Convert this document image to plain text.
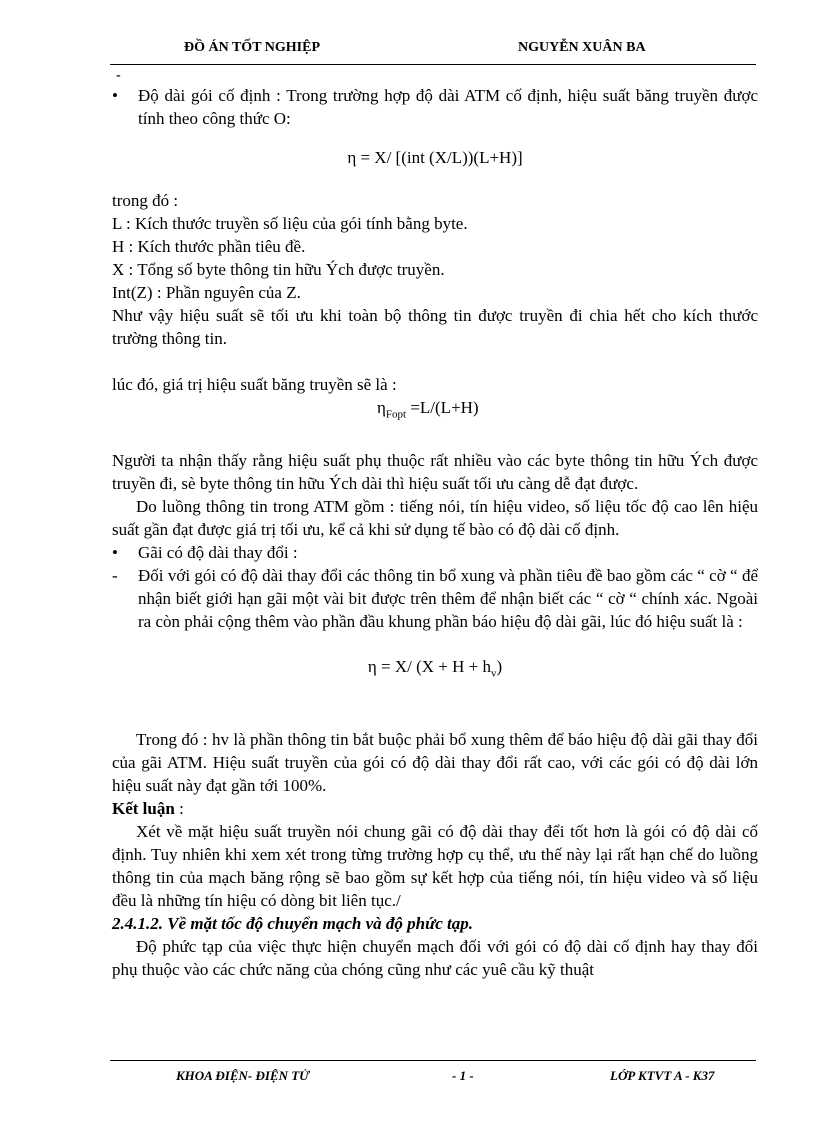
ĐỒ ÁN TỐT NGHIỆP	NGUYỄN XUÂN BA
-
•	Độ dài gói cố định : Trong trường hợp độ dài ATM cố định, hiệu suất băng truyền được tính theo công thức O:
η = X/ [(int (X/L))(L+H)]

trong đó :

L : Kích thước truyền số liệu của gói tính bằng byte.

H : Kích thước phần tiêu đề.

X : Tổng số byte thông tin hữu Ých được truyền.

Int(Z) : Phần nguyên của Z.

Như vậy hiệu suất sẽ tối ưu khi toàn bộ thông tin được truyền đi chia hết cho kích thước trường thông tin.

lúc đó, giá trị hiệu suất băng truyền sẽ là :

$\eta_{Fopt} =L/(L+H)$

Người ta nhận thấy rằng hiệu suất phụ thuộc rất nhiều vào các byte thông tin hữu Ých được truyền đi, sè byte thông tin hữu Ých dài thì hiệu suất tối ưu càng dễ đạt được.

Do luồng thông tin trong ATM gồm : tiếng nói, tín hiệu video, số liệu tốc độ cao lên hiệu suất gần đạt được giá trị tối ưu, kể cả khi sử dụng tế bào có độ dài cố định.

•	Gãi có độ dài thay đổi :
-	Đối với gói có độ dài thay đổi các thông tin bổ xung và phần tiêu đề bao gồm các “ cờ “ để nhận biết giới hạn gãi một vài bit được trên thêm để nhận biết các “ cờ “ chính xác. Ngoài ra còn phải cộng thêm vào phần đầu khung phần báo hiệu độ dài gãi, lúc đó hiệu suất là :
η = X/ $(X + H + h_v)$

Trong đó : hv là phần thông tin bắt buộc phải bổ xung thêm để báo hiệu độ dài gãi thay đổi của gãi ATM. Hiệu suất truyền của gói có độ dài thay đổi rất cao, với các gói có độ dài lớn hiệu suất này đạt gần tới 100%.

Kết luận :

Xét về mặt hiệu suất truyền nói chung gãi có độ dài thay đểi tốt hơn là gói có độ dài cố định. Tuy nhiên khi xem xét trong từng trường hợp cụ thể, ưu thế này lại rất hạn chế do luồng thông tin của mạch băng rộng sẽ bao gồm sự kết hợp của tiếng nói, tín hiệu video và số liệu đều là những tín hiệu có dòng bit liên tục./

2.4.1.2. Về mặt tốc độ chuyển mạch và độ phức tạp.

Độ phức tạp của việc thực hiện chuyển mạch đối với gói có độ dài cố định hay thay đổi phụ thuộc vào các chức năng của chóng cũng như các yuê cầu kỹ thuật

KHOA ĐIỆN- ĐIỆN TỬ	- 1 -	LỚP KTVT A - K37
